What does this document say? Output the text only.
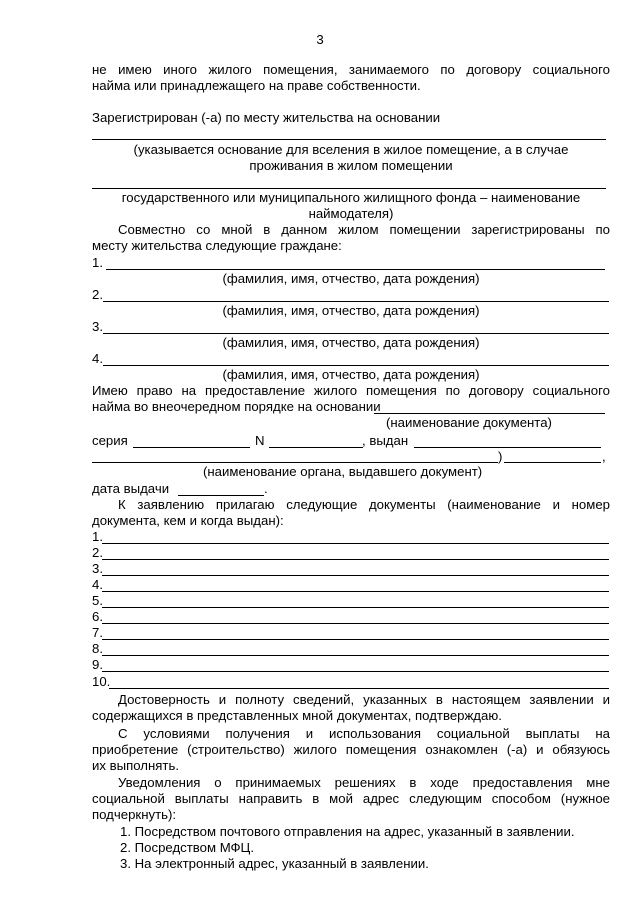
3
не имею иного жилого помещения, занимаемого по договору социального
найма или принадлежащего на праве собственности.
Зарегистрирован (-а) по месту жительства на основании
(указывается основание для вселения в жилое помещение, а в случае
проживания в жилом помещении
государственного или муниципального жилищного фонда – наименование
наймодателя)
Совместно со мной в данном жилом помещении зарегистрированы по
месту жительства следующие граждане:
1.
(фамилия, имя, отчество, дата рождения)
2.
(фамилия, имя, отчество, дата рождения)
3.
(фамилия, имя, отчество, дата рождения)
4.
(фамилия, имя, отчество, дата рождения)
Имею право на предоставление жилого помещения по договору социального
найма во внеочередном порядке на основании
(наименование документа)
серия	N	, выдан
)	,
(наименование органа, выдавшего документ)
дата выдачи	.
К заявлению прилагаю следующие документы (наименование и номер
документа, кем и когда выдан):
1.
2.
3.
4.
5.
6.
7.
8.
9.
10.
Достоверность и полноту сведений, указанных в настоящем заявлении и
содержащихся в представленных мной документах, подтверждаю.
С условиями получения и использования социальной выплаты на
приобретение (строительство) жилого помещения ознакомлен (-а) и обязуюсь
их выполнять.
Уведомления о принимаемых решениях в ходе предоставления мне
социальной выплаты направить в мой адрес следующим способом (нужное
подчеркнуть):
1. Посредством почтового отправления на адрес, указанный в заявлении.
2. Посредством МФЦ.
3. На электронный адрес, указанный в заявлении.
